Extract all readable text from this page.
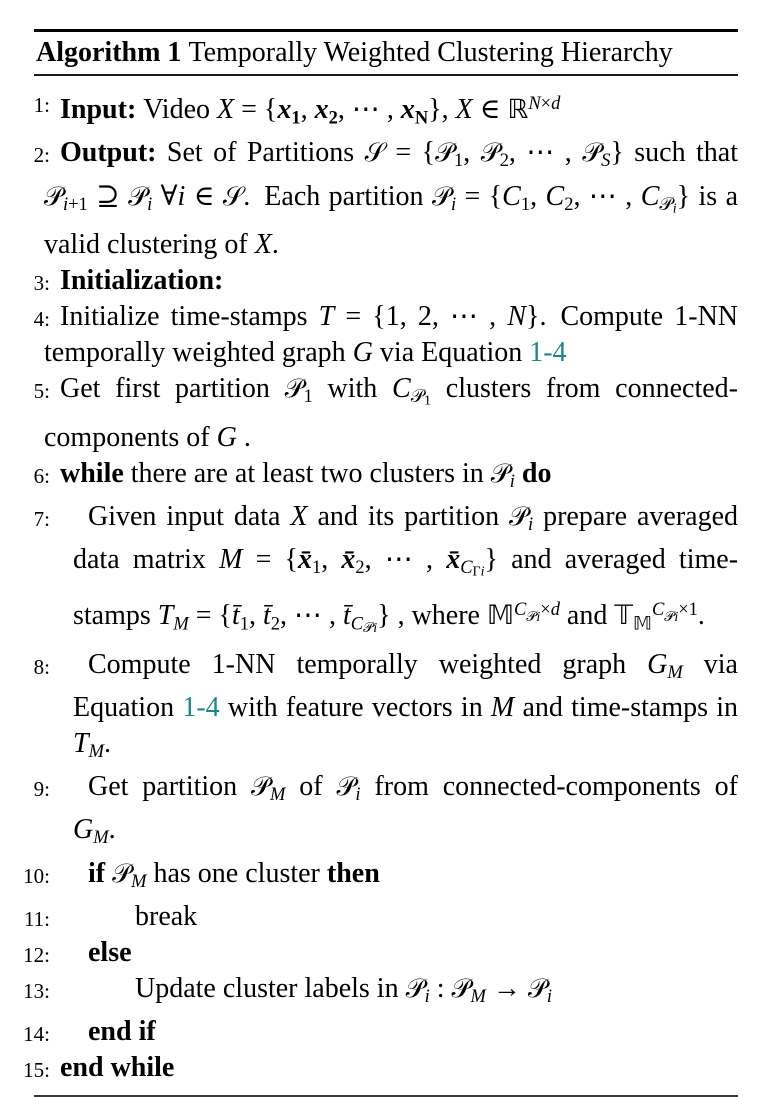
Algorithm 1 Temporally Weighted Clustering Hierarchy
1: Input: Video $X = \{x_1$, $x_2$, ⋯ , $x_N$}, X ∈ ℝ$^{N\times d}$
2: Output: Set of Partitions 𝒮 = {𝒫$_1$, 𝒫$_2$, ⋯ , 𝒫$_S$} such that 𝒫$_{i+1}$ ⊇ 𝒫$_i$ ∀i ∈ 𝒮. Each partition 𝒫$_i$ = {$C_1$, $C_2$, ⋯ , $C_{𝒫i}$} is a valid clustering of X.
3: Initialization:
4: Initialize time-stamps T = {1, 2, ⋯ , N}. Compute 1-NN temporally weighted graph G via Equation 1-4
5: Get first partition 𝒫$_1$ with $C_{𝒫1}$ clusters from connected-components of G .
6: while there are at least two clusters in 𝒫$_i$ do
7:	Given input data X and its partition 𝒫$_i$ prepare averaged data matrix $M = \{x̄_1$, $x̄_2$, ⋯ , $x̄_{C\Gamma i}$} and averaged time-stamps $T_M$ = {$t̄_1$, $t̄_2$, ⋯ , $t̄_{C𝒫i}$} , where 𝕄$^C$𝒫i$^{\times d}$ and 𝕋$_𝕄^C$𝒫i$^{\times 1}$.
8:	Compute 1-NN temporally weighted graph $G_M$ via Equation 1-4 with feature vectors in M and time-stamps in $T_M$.
9:	Get partition 𝒫$_M$ of 𝒫$_i$ from connected-components of $G_M$.
10:	if 𝒫$_M$ has one cluster then
11:	break
12:	else
13:	Update cluster labels in 𝒫$_i$ : 𝒫$_M$ → 𝒫$_i$
14:	end if
15: end while
